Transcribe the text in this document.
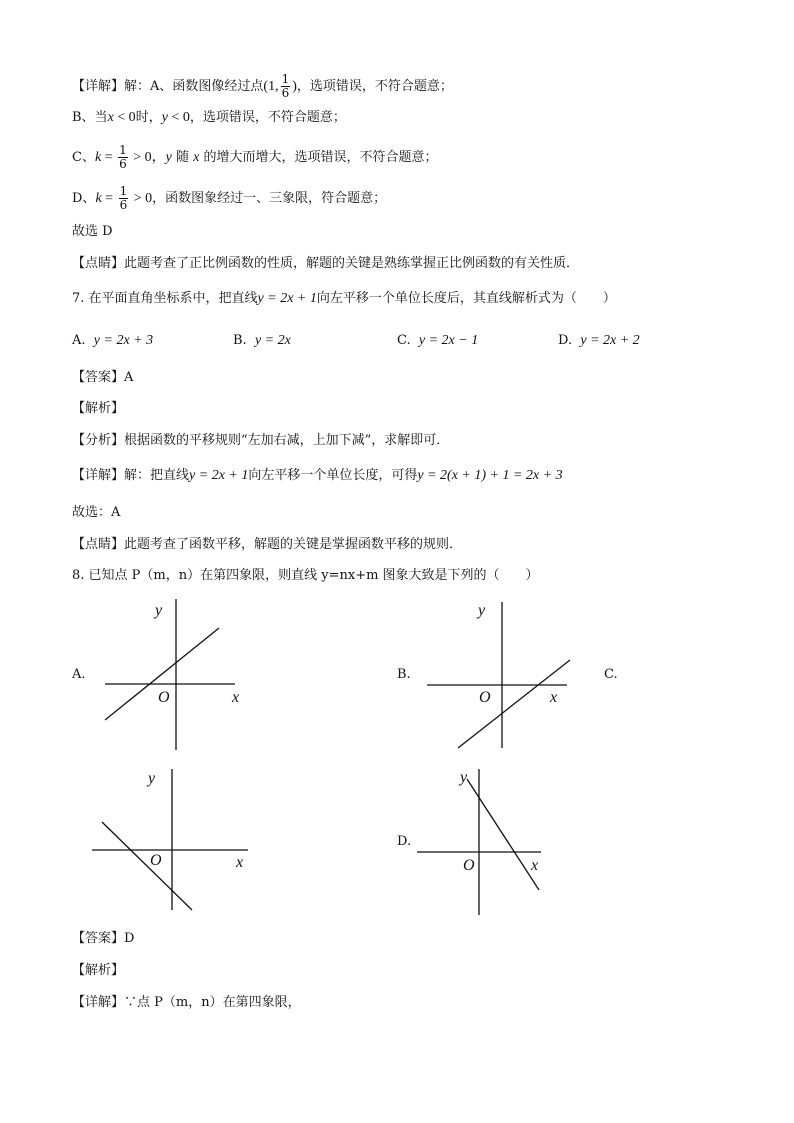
【详解】解：A、函数图像经过点(1, $\frac{1}{6}$ )，选项错误，不符合题意；
B、当x < 0时，y < 0，选项错误，不符合题意；
C、$k = \frac{1}{6} > 0$，y 随 x 的增大而增大，选项错误，不符合题意；
D、$k = \frac{1}{6} > 0$，函数图象经过一、三象限，符合题意；
故选 D
【点睛】此题考查了正比例函数的性质，解题的关键是熟练掌握正比例函数的有关性质．
7. 在平面直角坐标系中，把直线y = 2x + 1向左平移一个单位长度后，其直线解析式为（　　）
A. y = 2x + 3	B. y = 2x	C. y = 2x − 1	D. y = 2x + 2
【答案】A
【解析】
【分析】根据函数的平移规则“左加右减，上加下减”，求解即可．
【详解】解：把直线y = 2x + 1向左平移一个单位长度，可得y = 2(x + 1) + 1 = 2x + 3
故选：A
【点睛】此题考查了函数平移，解题的关键是掌握函数平移的规则．
8. 已知点 P（m，n）在第四象限，则直线 y=nx+m 图象大致是下列的（　　）
A.	B.	C.
D.
y
x
O
y
x
O
y
x
O
y
x
O
【答案】D
【解析】
【详解】∵点 P（m，n）在第四象限，
